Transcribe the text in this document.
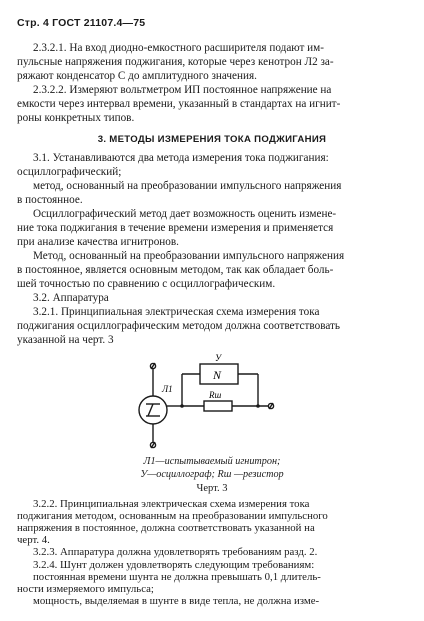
Стр. 4 ГОСТ 21107.4—75
2.3.2.1. На вход диодно-емкостного расширителя подают им-
пульсные напряжения поджигания, которые через кенотрон Л2 за-
ряжают конденсатор C до амплитудного значения.
2.3.2.2. Измеряют вольтметром ИП постоянное напряжение на
емкости через интервал времени, указанный в стандартах на игнит-
роны конкретных типов.
3. МЕТОДЫ ИЗМЕРЕНИЯ ТОКА ПОДЖИГАНИЯ
3.1. Устанавливаются два метода измерения тока поджигания:
осциллографический;
метод, основанный на преобразовании импульсного напряжения
в постоянное.
Осциллографический метод дает возможность оценить измене-
ние тока поджигания в течение времени измерения и применяется
при анализе качества игнитронов.
Метод, основанный на преобразовании импульсного напряжения
в постоянное, является основным методом, так как обладает боль-
шей точностью по сравнению с осциллографическим.
3.2. Аппаратура
3.2.1. Принципиальная электрическая схема измерения тока
поджигания осциллографическим методом должна соответствовать
указанной на черт. 3
У
N
Л1
Rш
Л1—испытываемый игнитрон;
У—осциллограф; Rш —резистор
Черт. 3
3.2.2. Принципиальная электрическая схема измерения тока
поджигания методом, основанным на преобразовании импульсного
напряжения в постоянное, должна соответствовать указанной на
черт. 4.
3.2.3. Аппаратура должна удовлетворять требованиям разд. 2.
3.2.4. Шунт должен удовлетворять следующим требованиям:
постоянная времени шунта не должна превышать 0,1 длитель-
ности измеряемого импульса;
мощность, выделяемая в шунте в виде тепла, не должна изме-
